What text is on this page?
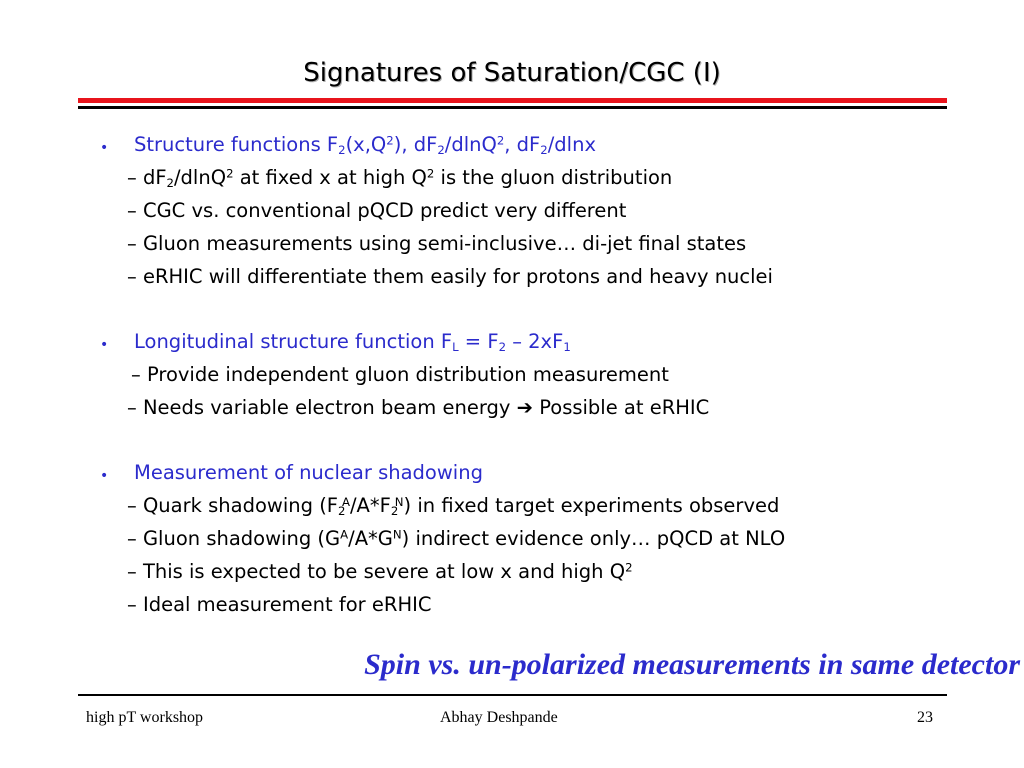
Signatures of Saturation/CGC (I)
• Structure functions $F_2(x,Q^2)$, $dF_2/dlnQ^2$, $dF_2$/dlnx
– $dF_2/dlnQ^2$ at fixed x at high $Q^2$ is the gluon distribution
– CGC vs. conventional pQCD predict very different
– Gluon measurements using semi-inclusive… di-jet final states
– eRHIC will differentiate them easily for protons and heavy nuclei
• Longitudinal structure function $F_L = F_2 - 2xF_1$
– Provide independent gluon distribution measurement
– Needs variable electron beam energy ➔ Possible at eRHIC
• Measurement of nuclear shadowing
– Quark shadowing $(F_2^A/A*F_2^N)$ in fixed target experiments observed
– Gluon shadowing $(G^A/A*G^N)$ indirect evidence only… pQCD at NLO
– This is expected to be severe at low x and high $Q^2$
– Ideal measurement for eRHIC
Spin vs. un-polarized measurements in same detector
high pT workshop	Abhay Deshpande	23
